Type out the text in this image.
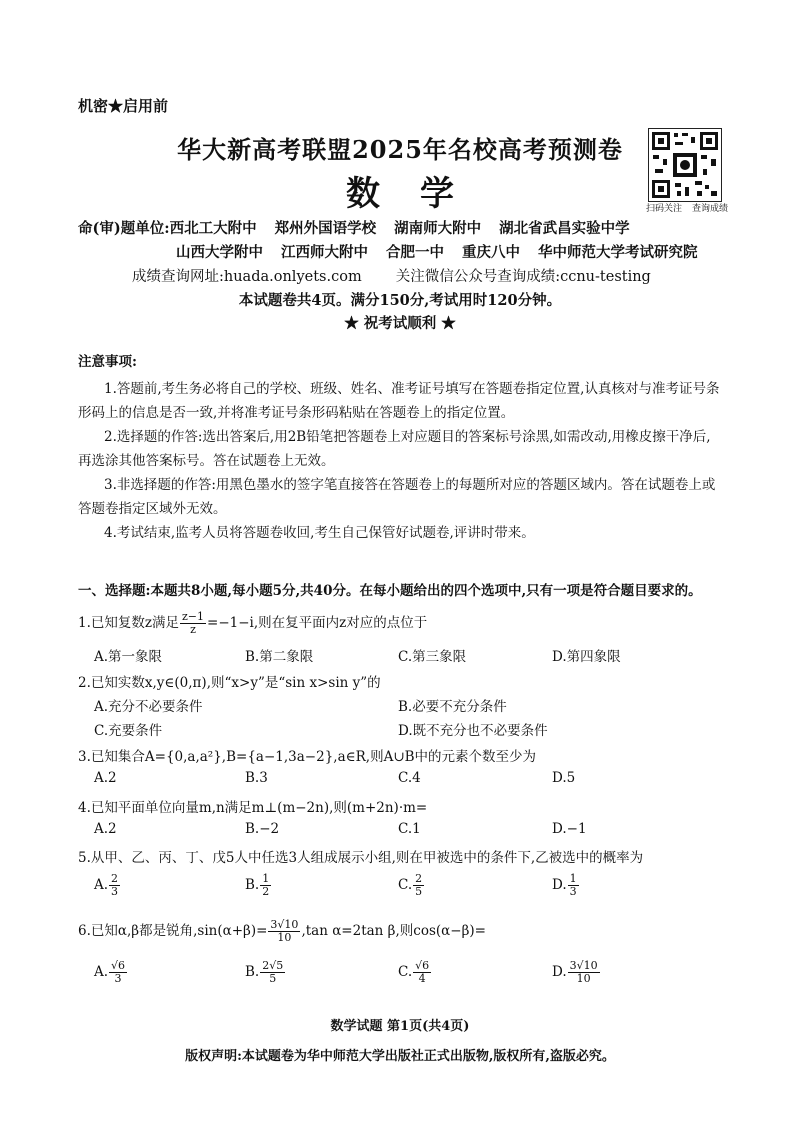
机密★启用前
华大新高考联盟2025年名校高考预测卷
数学	扫码关注 查询成绩
命(审)题单位:西北工大附中 郑州外国语学校 湖南师大附中 湖北省武昌实验中学
山西大学附中 江西师大附中 合肥一中 重庆八中 华中师范大学考试研究院
成绩查询网址:huada.onlyets.com 关注微信公众号查询成绩:ccnu-testing
本试题卷共4页。满分150分,考试用时120分钟。
★ 祝考试顺利 ★
注意事项:
1.答题前,考生务必将自己的学校、班级、姓名、准考证号填写在答题卷指定位置,认真核对与准考证号条形码上的信息是否一致,并将准考证号条形码粘贴在答题卷上的指定位置。
2.选择题的作答:选出答案后,用2B铅笔把答题卷上对应题目的答案标号涂黑,如需改动,用橡皮擦干净后,再选涂其他答案标号。答在试题卷上无效。
3.非选择题的作答:用黑色墨水的签字笔直接答在答题卷上的每题所对应的答题区域内。答在试题卷上或答题卷指定区域外无效。
4.考试结束,监考人员将答题卷收回,考生自己保管好试题卷,评讲时带来。
一、选择题:本题共8小题,每小题5分,共40分。在每小题给出的四个选项中,只有一项是符合题目要求的。
1.已知复数z满足 $\frac{z-1}{z} =-1-i$,则在复平面内z对应的点位于
A.第一象限	B.第二象限	C.第三象限	D.第四象限
2.已知实数x,y∈(0,π),则“x>y”是“sin x>sin y”的
A.充分不必要条件	B.必要不充分条件
C.充要条件	D.既不充分也不必要条件
3.已知集合A={0,a,a²},B={a−1,3a−2},a∈R,则A∪B中的元素个数至少为
A.2	B.3	C.4	D.5
4.已知平面单位向量m,n满足m⊥(m−2n),则(m+2n)·m=
A.2	B.−2	C.1	D.−1
5.从甲、乙、丙、丁、戊5人中任选3人组成展示小组,则在甲被选中的条件下,乙被选中的概率为
A. $\frac{2}{3}$	B. $\frac{1}{2}$	C. $\frac{2}{5}$	D. $\frac{1}{3}$
6.已知α,β都是锐角$,\sin(\alpha+\beta)= \frac{3√10}{10} ,\tan$ α=2tan β,则cos(α−β)=
A. $\frac{√6}{3}$	B. $\frac{2√5}{5}$	C. $\frac{√6}{4}$	D. $\frac{3√10}{10}$
数学试题 第1页(共4页)
版权声明:本试题卷为华中师范大学出版社正式出版物,版权所有,盗版必究。
